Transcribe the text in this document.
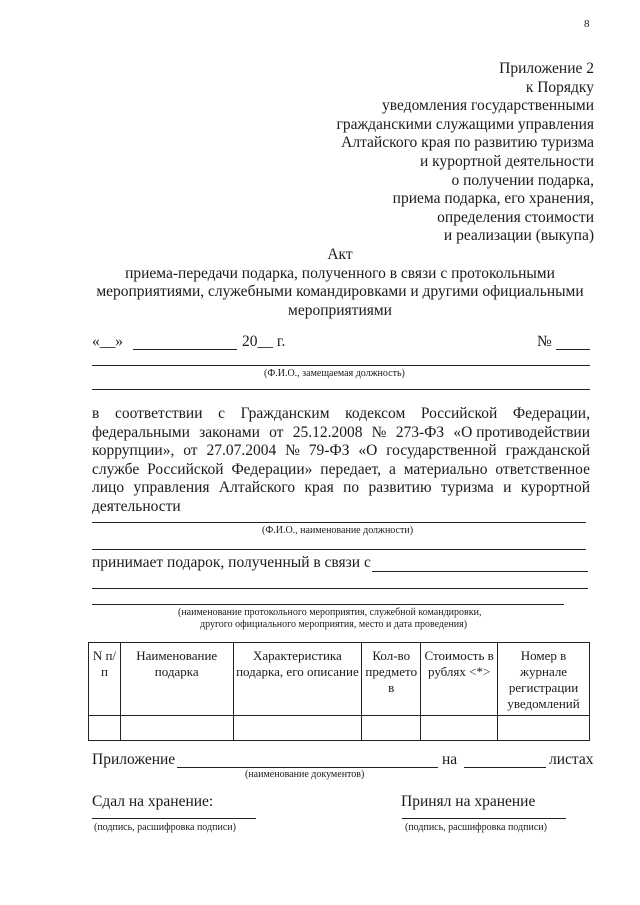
8
Приложение 2
к Порядку
уведомления государственными
гражданскими служащими управления
Алтайского края по развитию туризма
и курортной деятельности
о получении подарка,
приема подарка, его хранения,
определения стоимости
и реализации (выкупа)
Акт
приема-передачи подарка, полученного в связи с протокольными
мероприятиями, служебными командировками и другими официальными
мероприятиями
«__»	20__ г.	№
(Ф.И.О., замещаемая должность)
в соответствии с Гражданским кодексом Российской Федерации,
федеральными законами от 25.12.2008 № 273-ФЗ «О противодействии
коррупции», от 27.07.2004 № 79-ФЗ «О государственной гражданской
службе Российской Федерации» передает, а материально ответственное
лицо управления Алтайского края по развитию туризма и курортной
деятельности
(Ф.И.О., наименование должности)
принимает подарок, полученный в связи с
(наименование протокольного мероприятия, служебной командировки,
другого официального мероприятия, место и дата проведения)
N п/п	Наименование подарка	Характеристика подарка, его описание	Кол-во предмето в	Стоимость в рублях <*>	Номер в журнале регистрации уведомлений

Приложение	на	листах
(наименование документов)
Сдал на хранение:
(подпись, расшифровка подписи)
Принял на хранение
(подпись, расшифровка подписи)
